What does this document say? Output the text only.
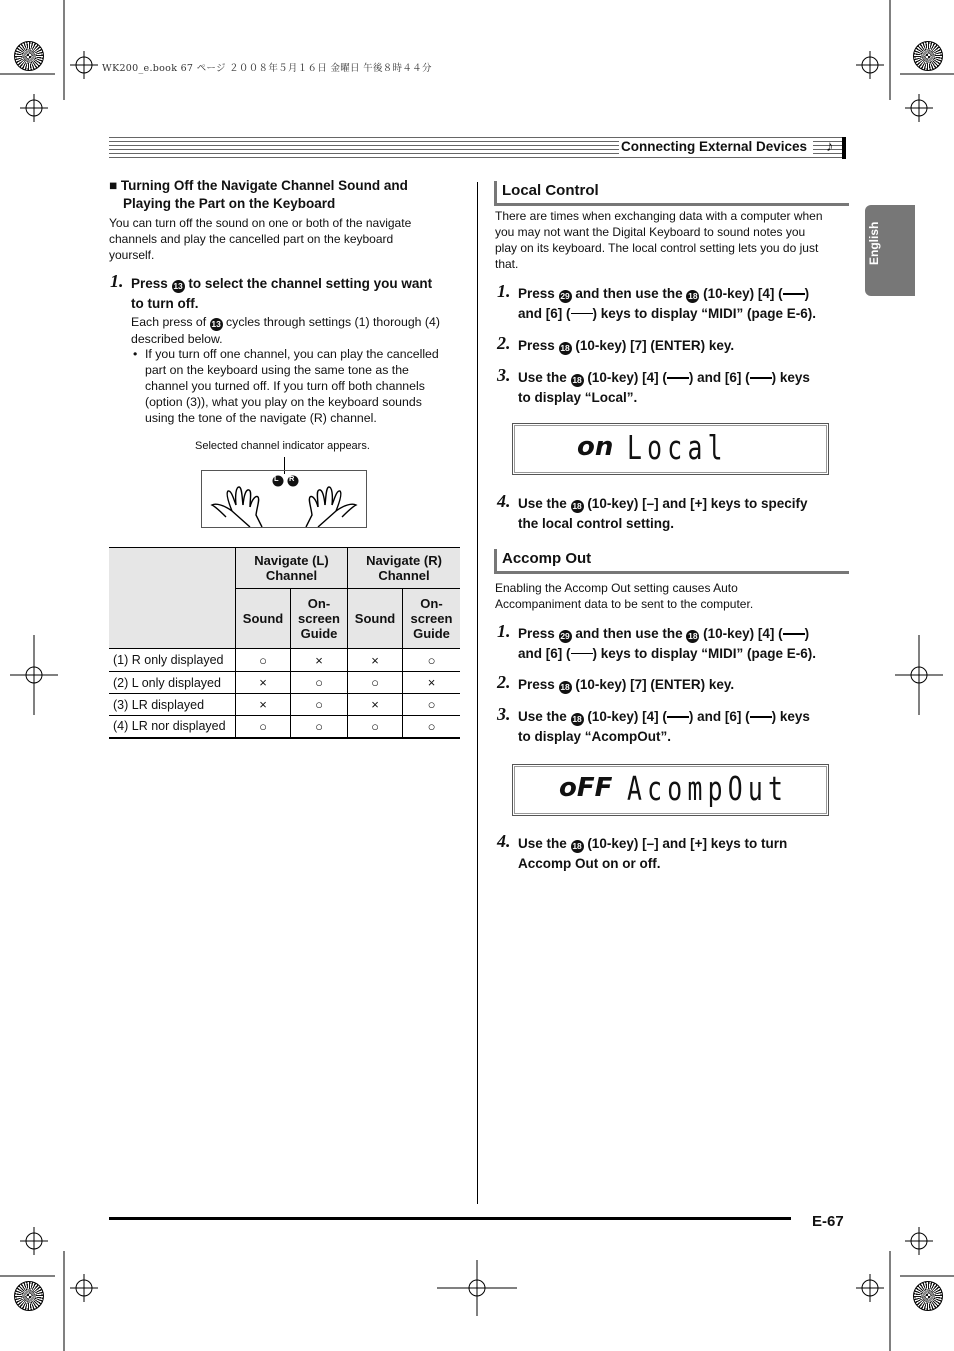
WK200_e.book 67 ページ ２００８年５月１６日 金曜日 午後８時４４分
Connecting External Devices	♪
English
■ Turning Off the Navigate Channel Sound and
Playing the Part on the Keyboard
You can turn off the sound on one or both of the navigate
channels and play the cancelled part on the keyboard
yourself.
1. Press 13 to select the channel setting you want
to turn off.
Each press of 13 cycles through settings (1) thorough (4)
described below.
• If you turn off one channel, you can play the cancelled
part on the keyboard using the same tone as the
channel you turned off. If you turn off both channels
(option (3)), what you play on the keyboard sounds
using the tone of the navigate (R) channel.
Selected channel indicator appears.
L R
	Navigate (L) Channel		Navigate (R) Channel	
	Sound	On-screen Guide	Sound	On-screen Guide
(1) R only displayed	○	×	×	○
(2) L only displayed	×	○	○	×
(3) LR displayed	×	○	×	○
(4) LR nor displayed	○	○	○	○
Local Control
There are times when exchanging data with a computer when
you may not want the Digital Keyboard to sound notes you
play on its keyboard. The local control setting lets you do just
that.
1. Press 29 and then use the 18 (10-key) [4] ( )
and [6] ( ) keys to display “MIDI” (page E-6).
2. Press 18 (10-key) [7] (ENTER) key.
3. Use the 18 (10-key) [4] ( ) and [6] ( ) keys
to display “Local”.
on Local
4. Use the 18 (10-key) [–] and [+] keys to specify
the local control setting.
Accomp Out
Enabling the Accomp Out setting causes Auto
Accompaniment data to be sent to the computer.
1. Press 29 and then use the 18 (10-key) [4] ( )
and [6] ( ) keys to display “MIDI” (page E-6).
2. Press 18 (10-key) [7] (ENTER) key.
3. Use the 18 (10-key) [4] ( ) and [6] ( ) keys
to display “AcompOut”.
oFF AcompOut
4. Use the 18 (10-key) [–] and [+] keys to turn
Accomp Out on or off.
E-67
